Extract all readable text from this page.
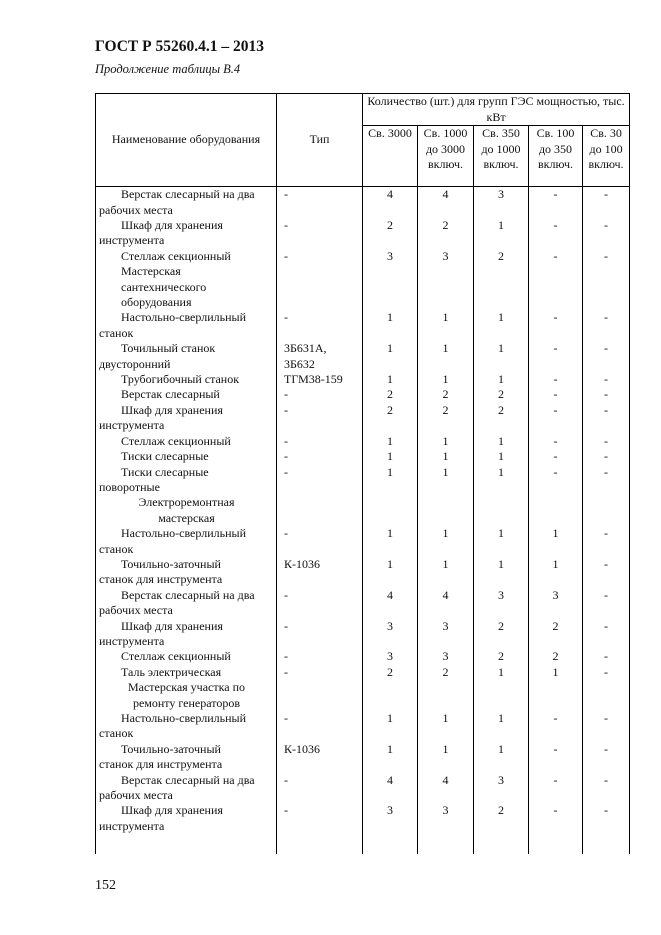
ГОСТ Р 55260.4.1 – 2013
Продолжение таблицы В.4
Наименование оборудования	Тип	Количество (шт.) для групп ГЭС мощностью, тыс. кВт				
		Св. 3000	Св. 1000 до 3000 включ.	Св. 350 до 1000 включ.	Св. 100 до 350 включ.	Св. 30 до 100 включ.

Верстак слесарный на два
рабочих места	-	4	4	3	-	-

Шкаф для хранения
инструмента	-	2	2	1	-	-

Стеллаж секционный	-	3	3	2	-	-

Мастерская
сантехнического
оборудования						

Настольно-сверлильный
станок	-	1	1	1	-	-

Точильный станок
двусторонний	3Б631А, 3Б632	1	1	1	-	-

Трубогибочный станок	ТГМ38-159	1	1	1	-	-

Верстак слесарный	-	2	2	2	-	-

Шкаф для хранения
инструмента	-	2	2	2	-	-

Стеллаж секционный	-	1	1	1	-	-

Тиски слесарные	-	1	1	1	-	-

Тиски слесарные
поворотные	-	1	1	1	-	-

Электроремонтная
мастерская						

Настольно-сверлильный
станок	-	1	1	1	1	-

Точильно-заточный
станок для инструмента	К-1036	1	1	1	1	-

Верстак слесарный на два
рабочих места	-	4	4	3	3	-

Шкаф для хранения
инструмента	-	3	3	2	2	-

Стеллаж секционный	-	3	3	2	2	-

Таль электрическая	-	2	2	1	1	-

Мастерская участка по
ремонту генераторов						

Настольно-сверлильный
станок	-	1	1	1	-	-

Точильно-заточный
станок для инструмента	К-1036	1	1	1	-	-

Верстак слесарный на два
рабочих места	-	4	4	3	-	-

Шкаф для хранения
инструмента	-	3	3	2	-	-

152
